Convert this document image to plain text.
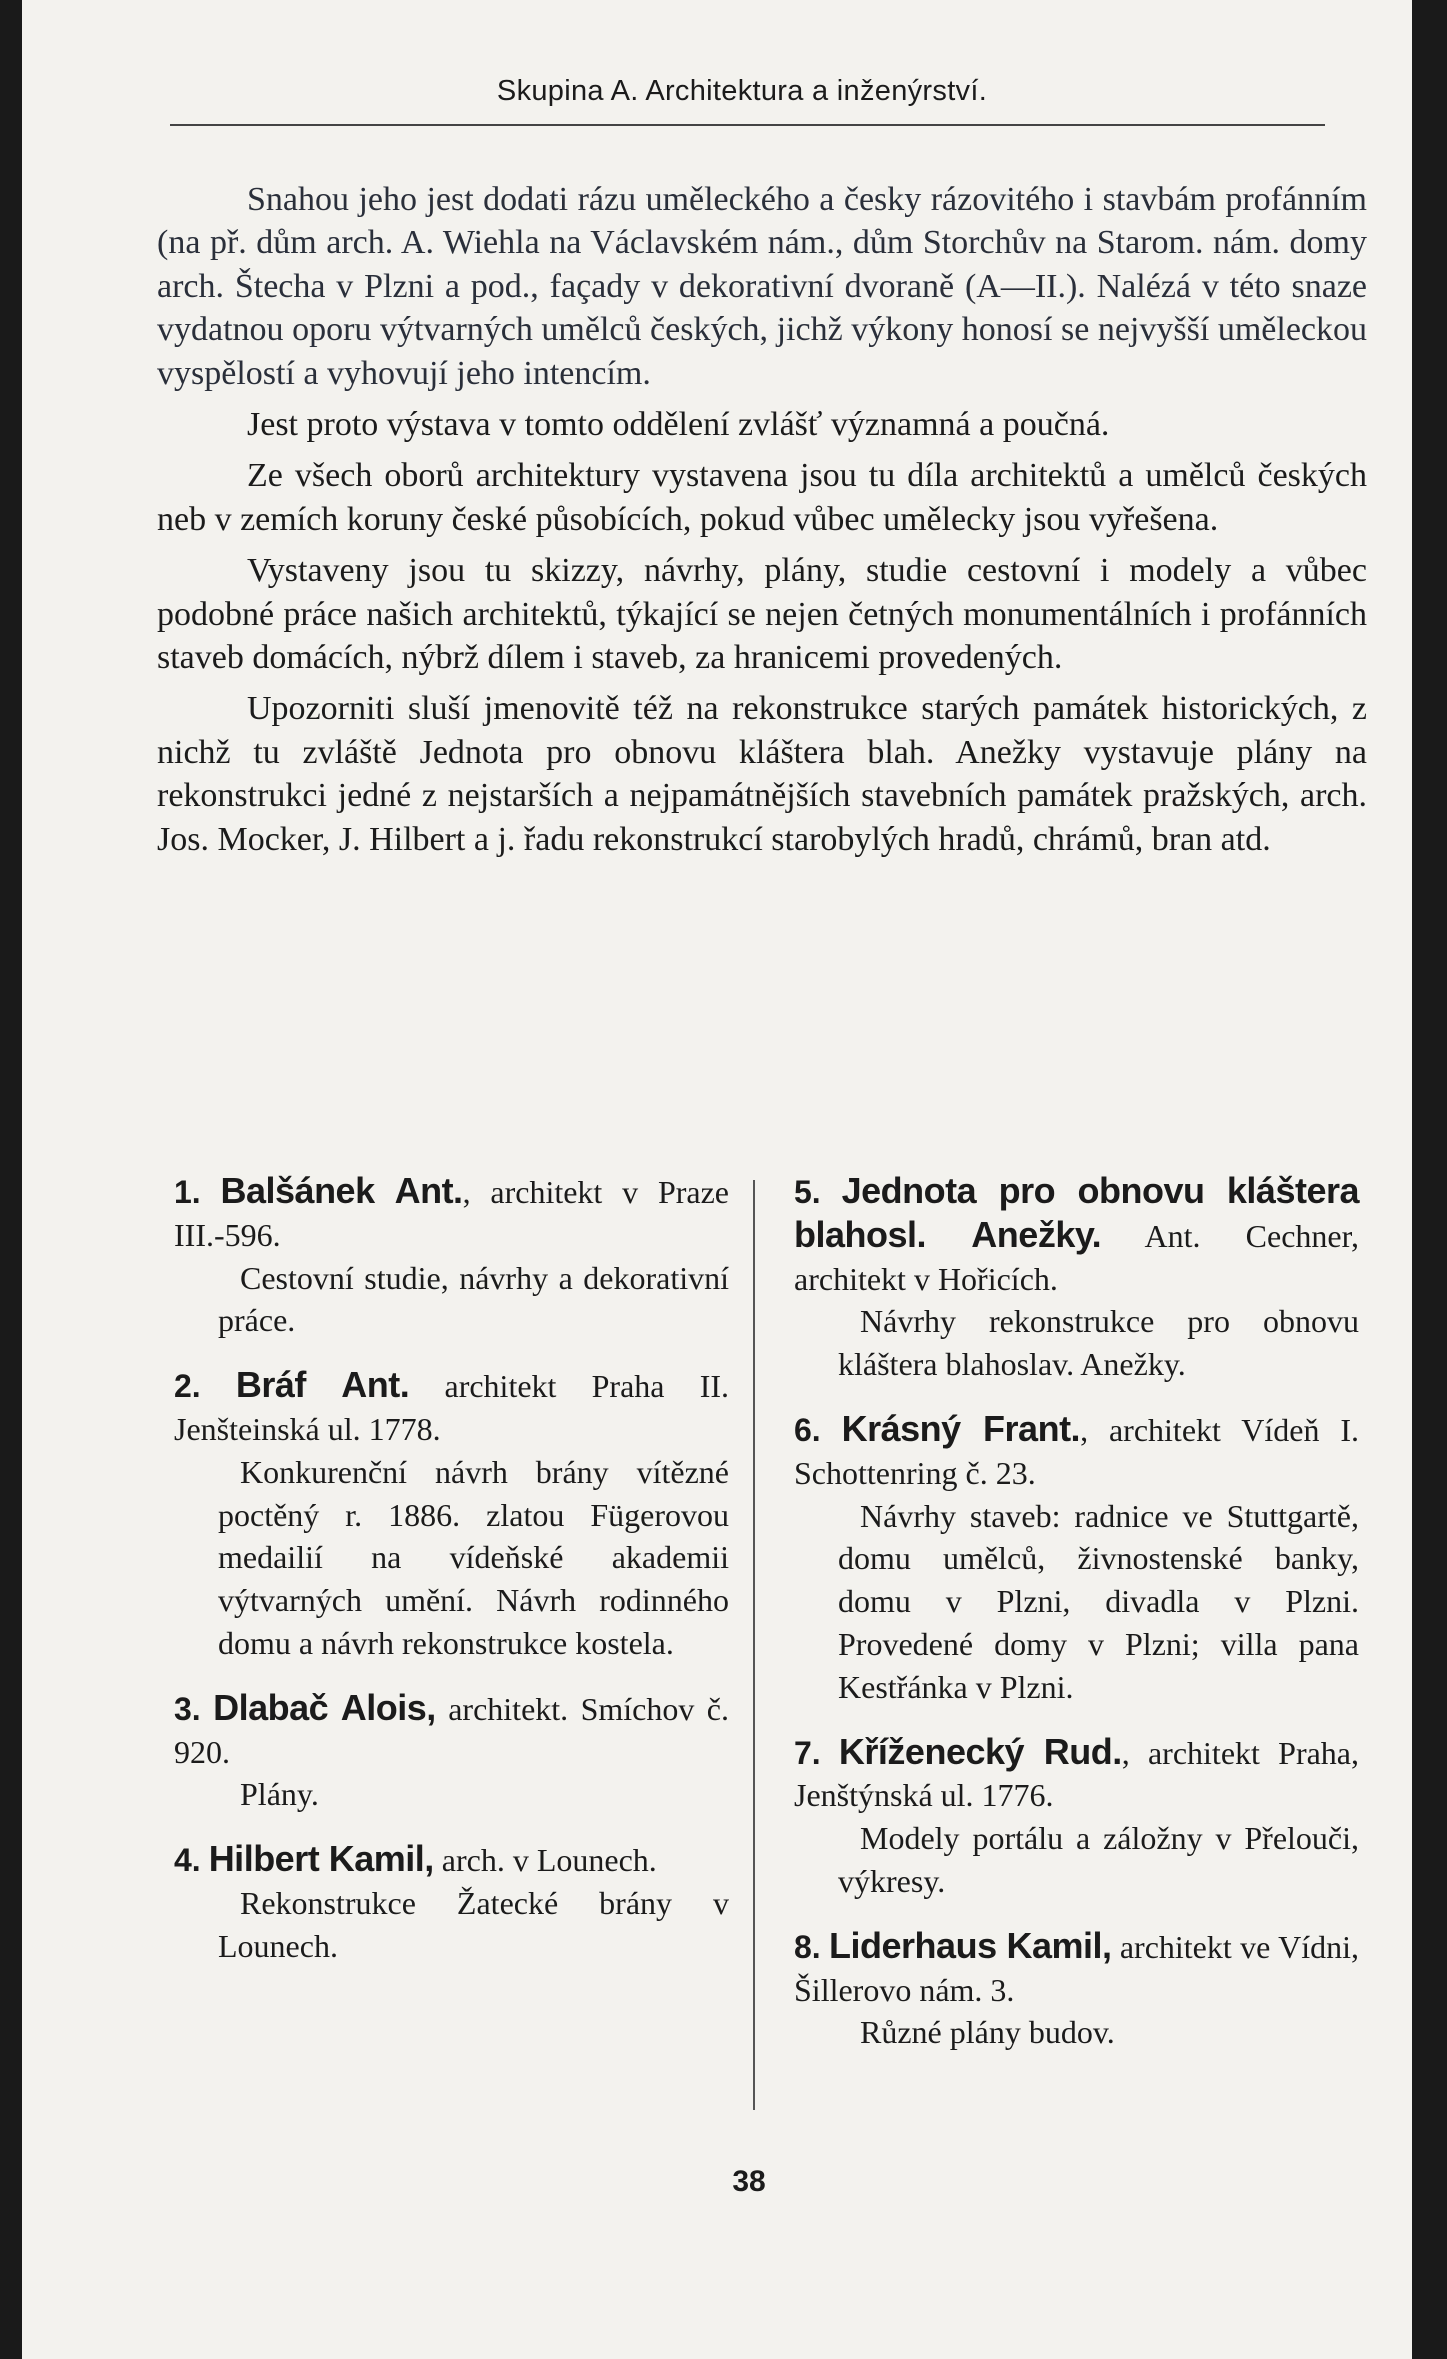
Skupina A. Architektura a inženýrství.

Snahou jeho jest dodati rázu uměleckého a česky rázovitého i stavbám profánním (na př. dům arch. A. Wiehla na Václavském nám., dům Storchův na Starom. nám. domy arch. Štecha v Plzni a pod., façady v dekorativní dvoraně (A—II.). Nalézá v této snaze vydatnou oporu výtvarných umělců českých, jichž výkony honosí se nejvyšší uměleckou vyspělostí a vyhovují jeho intencím.

Jest proto výstava v tomto oddělení zvlášť významná a poučná.

Ze všech oborů architektury vystavena jsou tu díla architektů a umělců českých neb v zemích koruny české působících, pokud vůbec umělecky jsou vyřešena.

Vystaveny jsou tu skizzy, návrhy, plány, studie cestovní i modely a vůbec podobné práce našich architektů, týkající se nejen četných monumentálních i profánních staveb domácích, nýbrž dílem i staveb, za hranicemi provedených.

Upozorniti sluší jmenovitě též na rekonstrukce starých památek historických, z nichž tu zvláště Jednota pro obnovu kláštera blah. Anežky vystavuje plány na rekonstrukci jedné z nejstarších a nejpamátnějších stavebních památek pražských, arch. Jos. Mocker, J. Hilbert a j. řadu rekonstrukcí starobylých hradů, chrámů, bran atd.

1. Balšánek Ant., architekt v Praze III.-596.
Cestovní studie, návrhy a dekorativní práce.
2. Bráf Ant. architekt Praha II. Jenšteinská ul. 1778.
Konkurenční návrh brány vítězné poctěný r. 1886. zlatou Fügerovou medailií na vídeňské akademii výtvarných umění. Návrh rodinného domu a návrh rekonstrukce kostela.
3. Dlabač Alois, architekt. Smíchov č. 920.
Plány.
4. Hilbert Kamil, arch. v Lounech.
Rekonstrukce Žatecké brány v Lounech.
5. Jednota pro obnovu kláštera blahosl. Anežky. Ant. Cechner, architekt v Hořicích.
Návrhy rekonstrukce pro obnovu kláštera blahoslav. Anežky.
6. Krásný Frant., architekt Vídeň I. Schottenring č. 23.
Návrhy staveb: radnice ve Stuttgartě, domu umělců, živnostenské banky, domu v Plzni, divadla v Plzni. Provedené domy v Plzni; villa pana Kestřánka v Plzni.
7. Kříženecký Rud., architekt Praha, Jenštýnská ul. 1776.
Modely portálu a záložny v Přelouči, výkresy.
8. Liderhaus Kamil, architekt ve Vídni, Šillerovo nám. 3.
Různé plány budov.
38
